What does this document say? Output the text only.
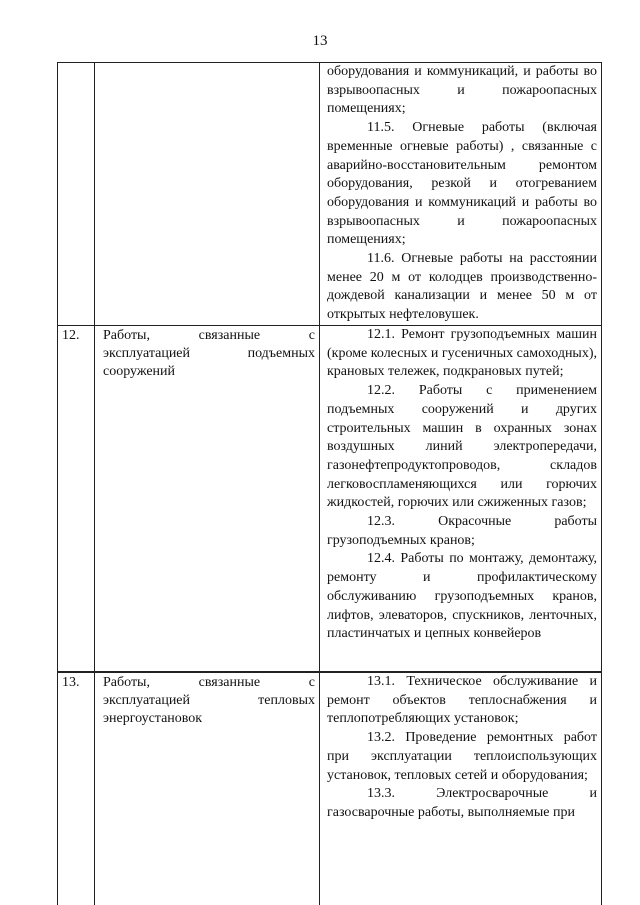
13

оборудования и коммуникаций, и работы во взрывоопасных и пожароопасных помещениях;

11.5. Огневые работы (включая временные огневые работы) , связанные с аварийно-восстановительным ремонтом оборудования, резкой и отогреванием оборудования и коммуникаций и работы во взрывоопасных и пожароопасных помещениях;

11.6. Огневые работы на расстоянии менее 20 м от колодцев производственно-дождевой канализации и менее 50 м от открытых нефтеловушек.

12.	Работы, связанные с эксплуатацией подъемных сооружений

12.1. Ремонт грузоподъемных машин (кроме колесных и гусеничных самоходных), крановых тележек, подкрановых путей;

12.2. Работы с применением подъемных сооружений и других строительных машин в охранных зонах воздушных линий электропередачи, газонефтепродуктопроводов, складов легковоспламеняющихся или горючих жидкостей, горючих или сжиженных газов;

12.3. Окрасочные работы грузоподъемных кранов;

12.4. Работы по монтажу, демонтажу, ремонту и профилактическому обслуживанию грузоподъемных кранов, лифтов, элеваторов, спускников, ленточных, пластинчатых и цепных конвейеров

13.	Работы, связанные с эксплуатацией тепловых энергоустановок

13.1. Техническое обслуживание и ремонт объектов теплоснабжения и теплопотребляющих установок;

13.2. Проведение ремонтных работ при эксплуатации теплоиспользующих установок, тепловых сетей и оборудования;

13.3. Электросварочные и газосварочные работы, выполняемые при
